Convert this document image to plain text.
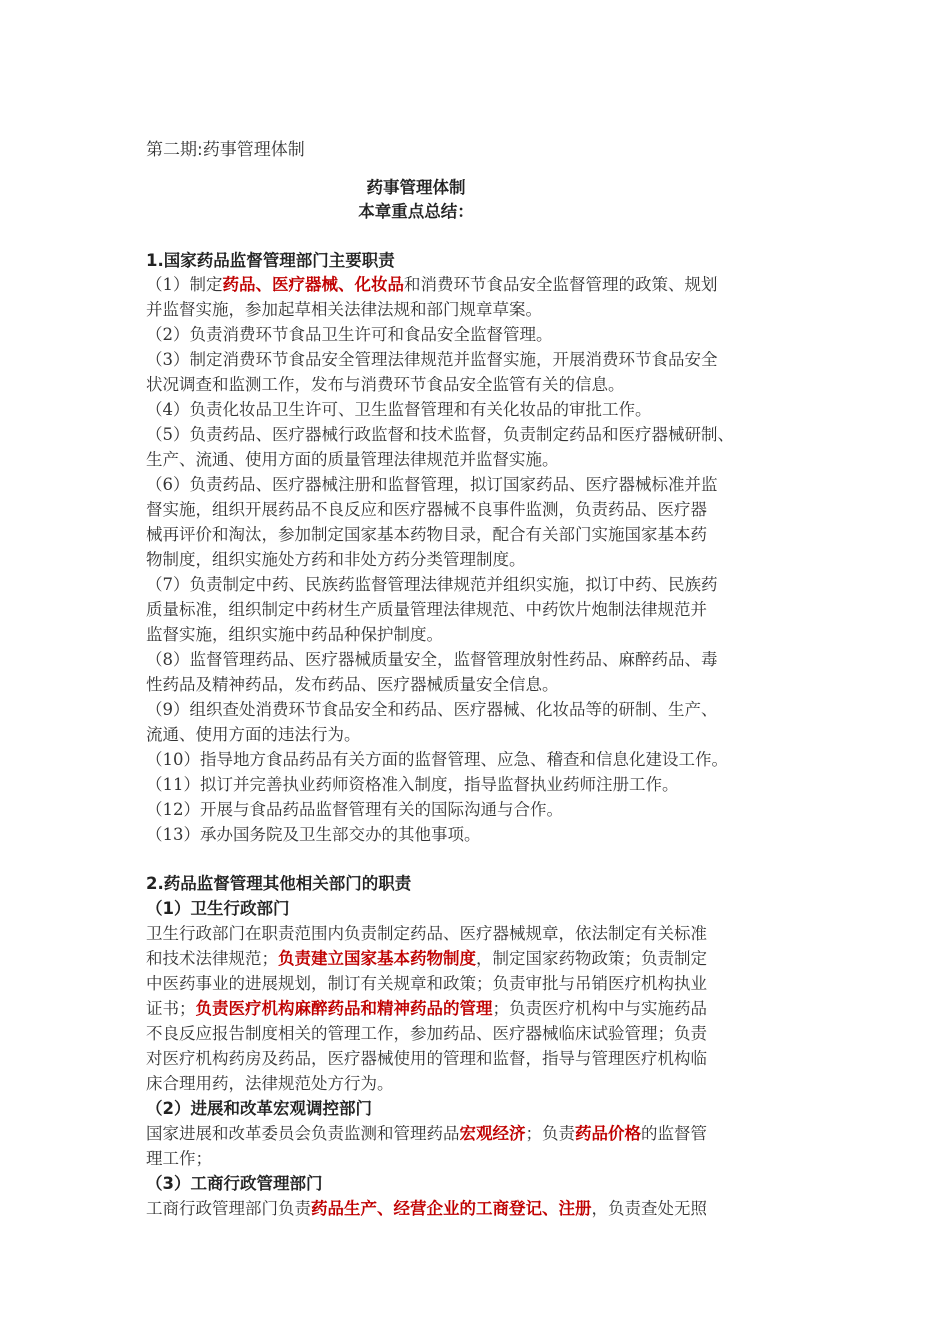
第二期:药事管理体制
药事管理体制
本章重点总结：
1.国家药品监督管理部门主要职责
（1）制定药品、医疗器械、化妆品和消费环节食品安全监督管理的政策、规划
并监督实施，参加起草相关法律法规和部门规章草案。
（2）负责消费环节食品卫生许可和食品安全监督管理。
（3）制定消费环节食品安全管理法律规范并监督实施，开展消费环节食品安全
状况调查和监测工作，发布与消费环节食品安全监管有关的信息。
（4）负责化妆品卫生许可、卫生监督管理和有关化妆品的审批工作。
（5）负责药品、医疗器械行政监督和技术监督，负责制定药品和医疗器械研制、
生产、流通、使用方面的质量管理法律规范并监督实施。
（6）负责药品、医疗器械注册和监督管理，拟订国家药品、医疗器械标准并监
督实施，组织开展药品不良反应和医疗器械不良事件监测，负责药品、医疗器
械再评价和淘汰，参加制定国家基本药物目录，配合有关部门实施国家基本药
物制度，组织实施处方药和非处方药分类管理制度。
（7）负责制定中药、民族药监督管理法律规范并组织实施，拟订中药、民族药
质量标准，组织制定中药材生产质量管理法律规范、中药饮片炮制法律规范并
监督实施，组织实施中药品种保护制度。
（8）监督管理药品、医疗器械质量安全，监督管理放射性药品、麻醉药品、毒
性药品及精神药品，发布药品、医疗器械质量安全信息。
（9）组织查处消费环节食品安全和药品、医疗器械、化妆品等的研制、生产、
流通、使用方面的违法行为。
（10）指导地方食品药品有关方面的监督管理、应急、稽查和信息化建设工作。
（11）拟订并完善执业药师资格准入制度，指导监督执业药师注册工作。
（12）开展与食品药品监督管理有关的国际沟通与合作。
（13）承办国务院及卫生部交办的其他事项。
2.药品监督管理其他相关部门的职责
（1）卫生行政部门
卫生行政部门在职责范围内负责制定药品、医疗器械规章，依法制定有关标准
和技术法律规范；负责建立国家基本药物制度，制定国家药物政策；负责制定
中医药事业的进展规划，制订有关规章和政策；负责审批与吊销医疗机构执业
证书；负责医疗机构麻醉药品和精神药品的管理；负责医疗机构中与实施药品
不良反应报告制度相关的管理工作，参加药品、医疗器械临床试验管理；负责
对医疗机构药房及药品，医疗器械使用的管理和监督，指导与管理医疗机构临
床合理用药，法律规范处方行为。
（2）进展和改革宏观调控部门
国家进展和改革委员会负责监测和管理药品宏观经济；负责药品价格的监督管
理工作；
（3）工商行政管理部门
工商行政管理部门负责药品生产、经营企业的工商登记、注册，负责查处无照
